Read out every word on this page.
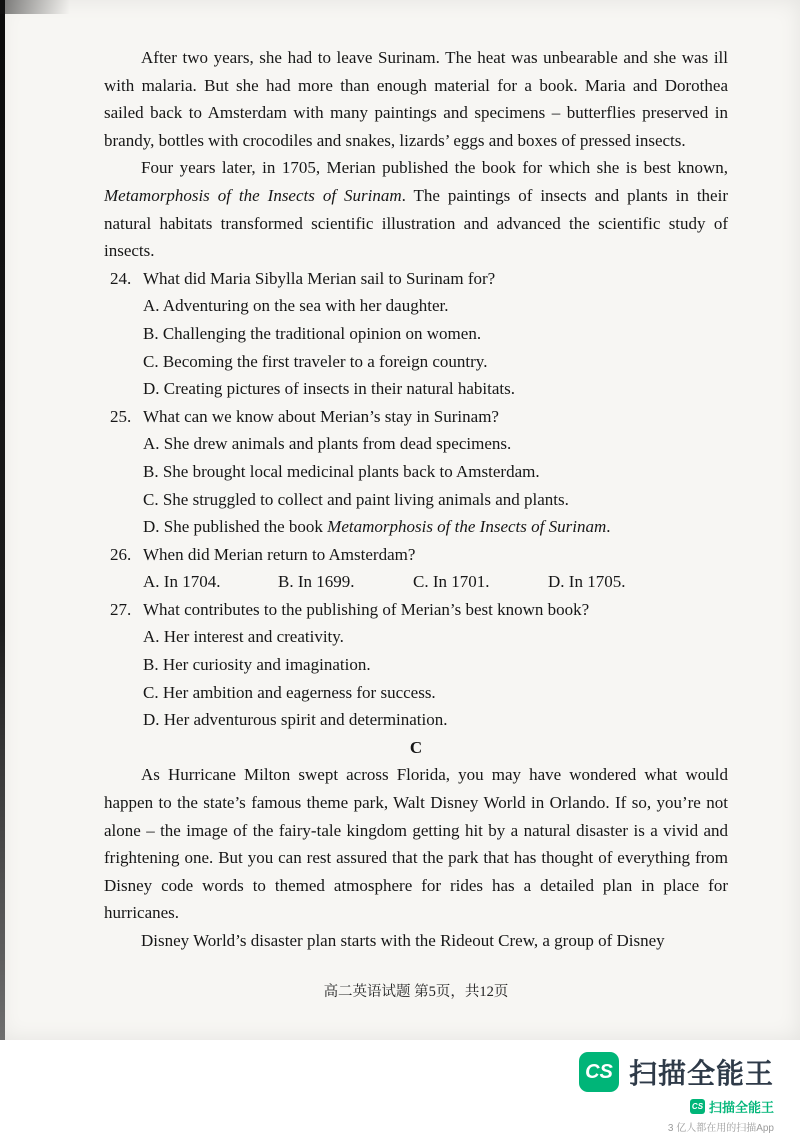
After two years, she had to leave Surinam. The heat was unbearable and she was ill with malaria. But she had more than enough material for a book. Maria and Dorothea sailed back to Amsterdam with many paintings and specimens – butterflies preserved in brandy, bottles with crocodiles and snakes, lizards’ eggs and boxes of pressed insects.

Four years later, in 1705, Merian published the book for which she is best known, Metamorphosis of the Insects of Surinam. The paintings of insects and plants in their natural habitats transformed scientific illustration and advanced the scientific study of insects.

24. What did Maria Sibylla Merian sail to Surinam for?
A. Adventuring on the sea with her daughter.
B. Challenging the traditional opinion on women.
C. Becoming the first traveler to a foreign country.
D. Creating pictures of insects in their natural habitats.
25. What can we know about Merian’s stay in Surinam?
A. She drew animals and plants from dead specimens.
B. She brought local medicinal plants back to Amsterdam.
C. She struggled to collect and paint living animals and plants.
D. She published the book Metamorphosis of the Insects of Surinam.
26. When did Merian return to Amsterdam?
A. In 1704.	B. In 1699.	C. In 1701.	D. In 1705.
27. What contributes to the publishing of Merian’s best known book?
A. Her interest and creativity.
B. Her curiosity and imagination.
C. Her ambition and eagerness for success.
D. Her adventurous spirit and determination.
C

As Hurricane Milton swept across Florida, you may have wondered what would happen to the state’s famous theme park, Walt Disney World in Orlando. If so, you’re not alone – the image of the fairy-tale kingdom getting hit by a natural disaster is a vivid and frightening one. But you can rest assured that the park that has thought of everything from Disney code words to themed atmosphere for rides has a detailed plan in place for hurricanes.

Disney World’s disaster plan starts with the Rideout Crew, a group of Disney

高二英语试题 第5页，共12页
CS 扫描全能王
CS 扫描全能王
3 亿人都在用的扫描App
